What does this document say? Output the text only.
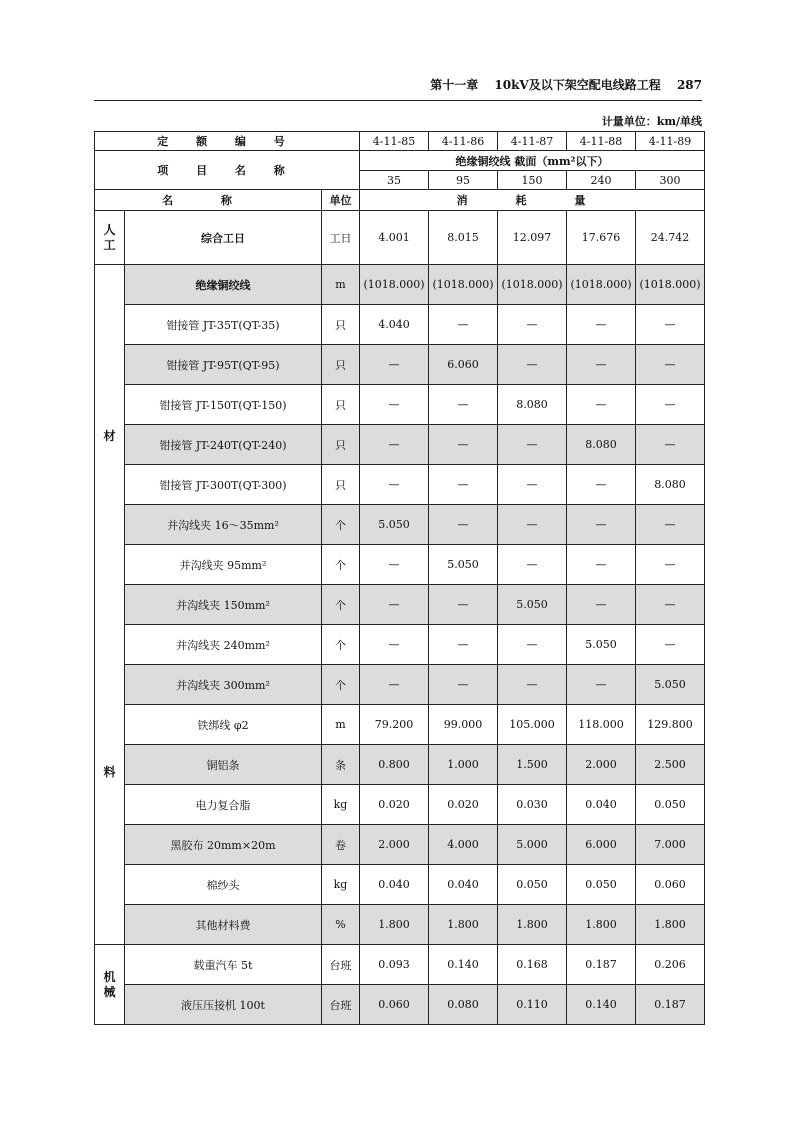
第十一章 10kV及以下架空配电线路工程 287
计量单位：km/单线
定 额 编 号			4-11-85	4-11-86	4-11-87	4-11-88	4-11-89
项 目 名 称			绝缘铜绞线 截面（mm²以下）				
			35	95	150	240	300
名 称		单位	消 耗 量				

人
工	综合工日	工日	4.001	8.015	12.097	17.676	24.742

材
料	绝缘铜绞线	m	(1018.000)	(1018.000)	(1018.000)	(1018.000)	(1018.000)
	钳接管 JT-35T(QT-35)	只	4.040	—	—	—	—
	钳接管 JT-95T(QT-95)	只	—	6.060	—	—	—
	钳接管 JT-150T(QT-150)	只	—	—	8.080	—	—
	钳接管 JT-240T(QT-240)	只	—	—	—	8.080	—
	钳接管 JT-300T(QT-300)	只	—	—	—	—	8.080
	并沟线夹 16～35mm²	个	5.050	—	—	—	—
	并沟线夹 95mm²	个	—	5.050	—	—	—
	并沟线夹 150mm²	个	—	—	5.050	—	—
	并沟线夹 240mm²	个	—	—	—	5.050	—
	并沟线夹 300mm²	个	—	—	—	—	5.050
	铁绑线 φ2	m	79.200	99.000	105.000	118.000	129.800
	铜铝条	条	0.800	1.000	1.500	2.000	2.500
	电力复合脂	kg	0.020	0.020	0.030	0.040	0.050
	黑胶布 20mm×20m	卷	2.000	4.000	5.000	6.000	7.000
	棉纱头	kg	0.040	0.040	0.050	0.050	0.060
	其他材料费	%	1.800	1.800	1.800	1.800	1.800

机
械	载重汽车 5t	台班	0.093	0.140	0.168	0.187	0.206
	液压压接机 100t	台班	0.060	0.080	0.110	0.140	0.187
